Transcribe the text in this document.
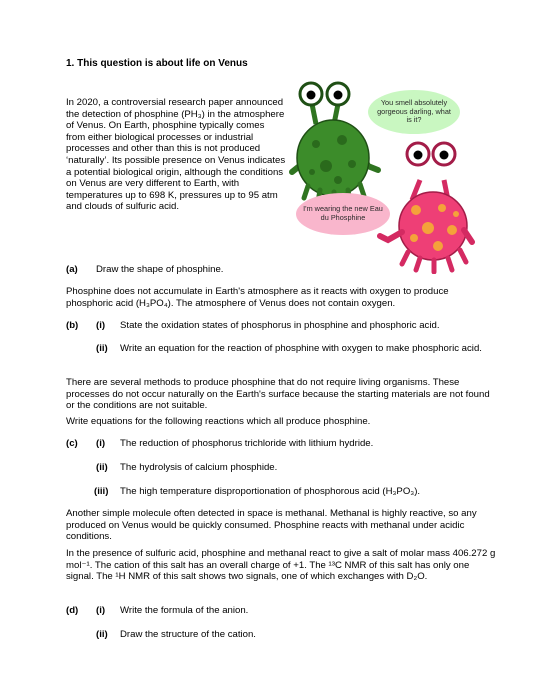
1. This question is about life on Venus
In 2020, a controversial research paper announced the detection of phosphine (PH₃) in the atmosphere of Venus. On Earth, phosphine typically comes from either biological processes or industrial processes and other than this is not produced ‘naturally’. Its possible presence on Venus indicates a potential biological origin, although the conditions on Venus are very different to Earth, with temperatures up to 698 K, pressures up to 95 atm and clouds of sulfuric acid.
You smell absolutely gorgeous darling, what is it?
I'm wearing the new Eau du Phosphine
(a) Draw the shape of phosphine.
Phosphine does not accumulate in Earth's atmosphere as it reacts with oxygen to produce phosphoric acid (H₃PO₄). The atmosphere of Venus does not contain oxygen.
(b) (i) State the oxidation states of phosphorus in phosphine and phosphoric acid.
(ii) Write an equation for the reaction of phosphine with oxygen to make phosphoric acid.
There are several methods to produce phosphine that do not require living organisms. These processes do not occur naturally on the Earth's surface because the starting materials are not found or the conditions are not suitable.
Write equations for the following reactions which all produce phosphine.
(c) (i) The reduction of phosphorus trichloride with lithium hydride.
(ii) The hydrolysis of calcium phosphide.
(iii) The high temperature disproportionation of phosphorous acid (H₃PO₃).
Another simple molecule often detected in space is methanal. Methanal is highly reactive, so any produced on Venus would be quickly consumed. Phosphine reacts with methanal under acidic conditions.
In the presence of sulfuric acid, phosphine and methanal react to give a salt of molar mass 406.272 g mol⁻¹. The cation of this salt has an overall charge of +1. The ¹³C NMR of this salt has only one signal. The ¹H NMR of this salt shows two signals, one of which exchanges with D₂O.
(d) (i) Write the formula of the anion.
(ii) Draw the structure of the cation.
